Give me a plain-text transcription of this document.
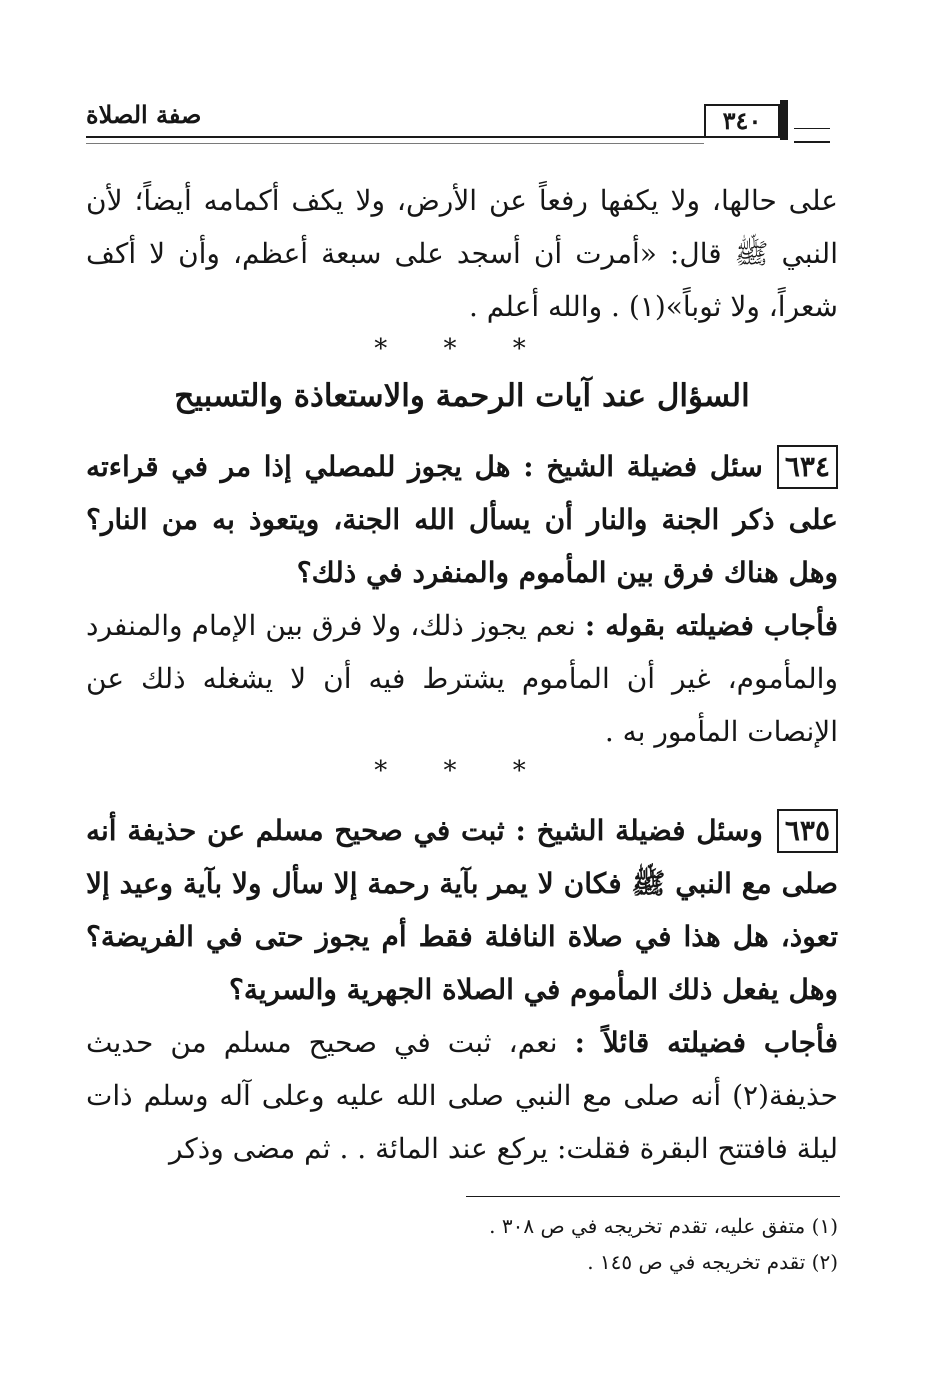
صفة الصلاة	٣٤٠

على حالها، ولا يكفها رفعاً عن الأرض، ولا يكف أكمامه أيضاً؛ لأن النبي ﷺ قال: «أمرت أن أسجد على سبعة أعظم، وأن لا أكف شعراً، ولا ثوباً»(١) . والله أعلم .

* * *
السؤال عند آيات الرحمة والاستعاذة والتسبيح

٦٣٤سئل فضيلة الشيخ : هل يجوز للمصلي إذا مر في قراءته على ذكر الجنة والنار أن يسأل الله الجنة، ويتعوذ به من النار؟ وهل هناك فرق بين المأموم والمنفرد في ذلك؟

فأجاب فضيلته بقوله : نعم يجوز ذلك، ولا فرق بين الإمام والمنفرد والمأموم، غير أن المأموم يشترط فيه أن لا يشغله ذلك عن الإنصات المأمور به .

* * *

٦٣٥وسئل فضيلة الشيخ : ثبت في صحيح مسلم عن حذيفة أنه صلى مع النبي ﷺ فكان لا يمر بآية رحمة إلا سأل ولا بآية وعيد إلا تعوذ، هل هذا في صلاة النافلة فقط أم يجوز حتى في الفريضة؟ وهل يفعل ذلك المأموم في الصلاة الجهرية والسرية؟

فأجاب فضيلته قائلاً : نعم، ثبت في صحيح مسلم من حديث حذيفة(٢) أنه صلى مع النبي صلى الله عليه وعلى آله وسلم ذات ليلة فافتتح البقرة فقلت: يركع عند المائة . . ثم مضى وذكر

(١) متفق عليه، تقدم تخريجه في ص ٣٠٨ .

(٢) تقدم تخريجه في ص ١٤٥ .
